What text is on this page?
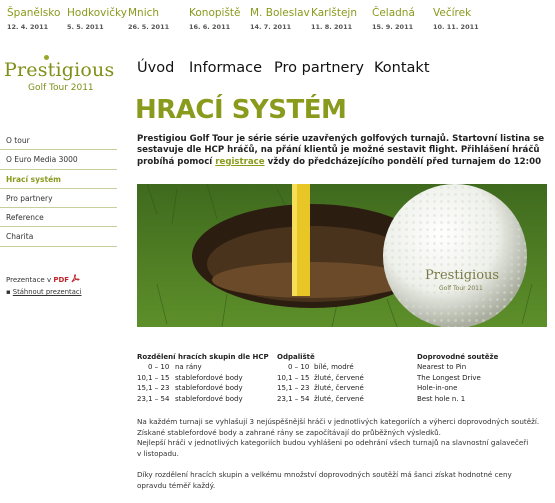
Španělsko
12. 4. 2011
Hodkovičky
5. 5. 2011
Mnich
26. 5. 2011
Konopiště
16. 6. 2011
M. Boleslav
14. 7. 2011
Karlštejn
11. 8. 2011
Čeladná
15. 9. 2011
Večírek
10. 11. 2011
Prestigious
Golf Tour 2011
Úvod Informace Pro partnery Kontakt
HRACÍ SYSTÉM

Prestigiou Golf Tour je série série uzavřených golfových turnajů. Startovní listina se sestavuje dle HCP hráčů, na přání klientů je možné sestavit flight. Přihlášení hráčů probíhá pomocí registrace vždy do předcházejícího pondělí před turnajem do 12:00

O tour
O Euro Media 3000
Hrací systém
Pro partnery
Reference
Charita
Prezentace v PDF
▪ Stáhnout prezentaci
Prestigious
Golf Tour 2011
Rozdělení hracích skupin dle HCP
0 – 10 na rány
10,1 – 15 stablefordové body
15,1 – 23 stablefordové body
23,1 – 54 stablefordové body
Odpaliště
0 – 10 bílé, modré
10,1 – 15 žluté, červené
15,1 – 23 žluté, červené
23,1 – 54 žluté, červené
Doprovodné soutěže
Nearest to Pin
The Longest Drive
Hole-in-one
Best hole n. 1

Na každém turnaji se vyhlašují 3 nejúspěšnější hráči v jednotlivých kategoriích a výherci doprovodných soutěží.

Získané stablefordové body a zahrané rány se započítávají do průběžných výsledků.

Nejlepší hráči v jednotlivých kategoriích budou vyhlášeni po odehrání všech turnajů na slavnostní galavečeři v listopadu.

Díky rozdělení hracích skupin a velkému množství doprovodných soutěží má šanci získat hodnotné ceny opravdu téměř každý.
